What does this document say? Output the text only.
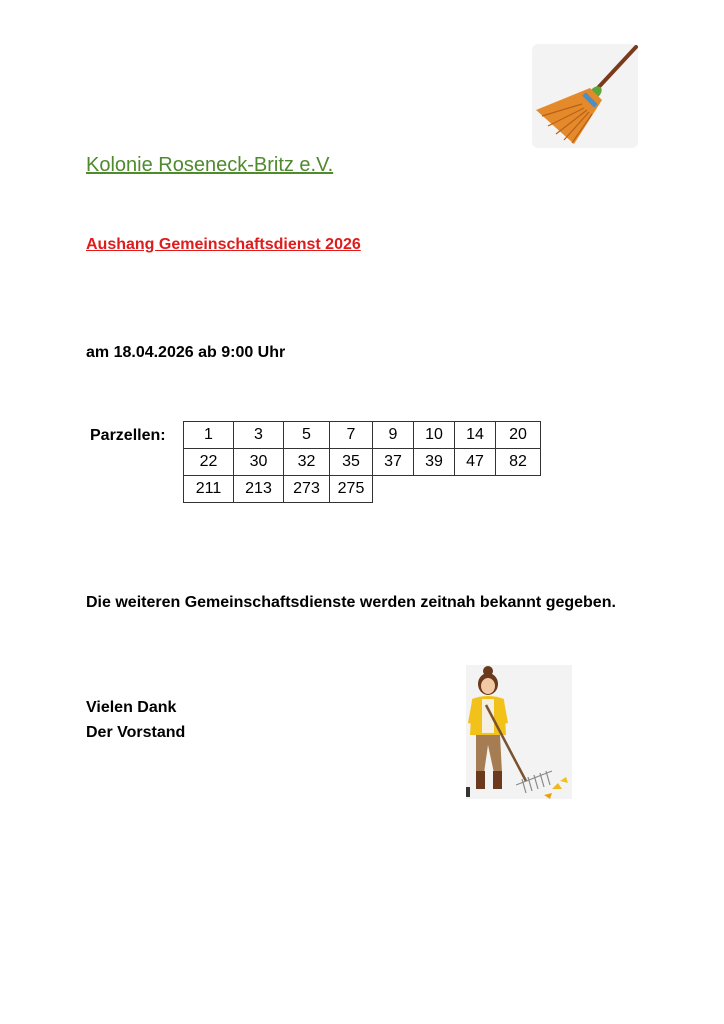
Kolonie Roseneck-Britz e.V.
Aushang Gemeinschaftsdienst 2026
am 18.04.2026 ab 9:00 Uhr
Parzellen: 1	3	5	7	9	10	14	20
22	30	32	35	37	39	47	82
211	213	273	275				
Die weiteren Gemeinschaftsdienste werden zeitnah bekannt gegeben.
Vielen Dank
Der Vorstand
